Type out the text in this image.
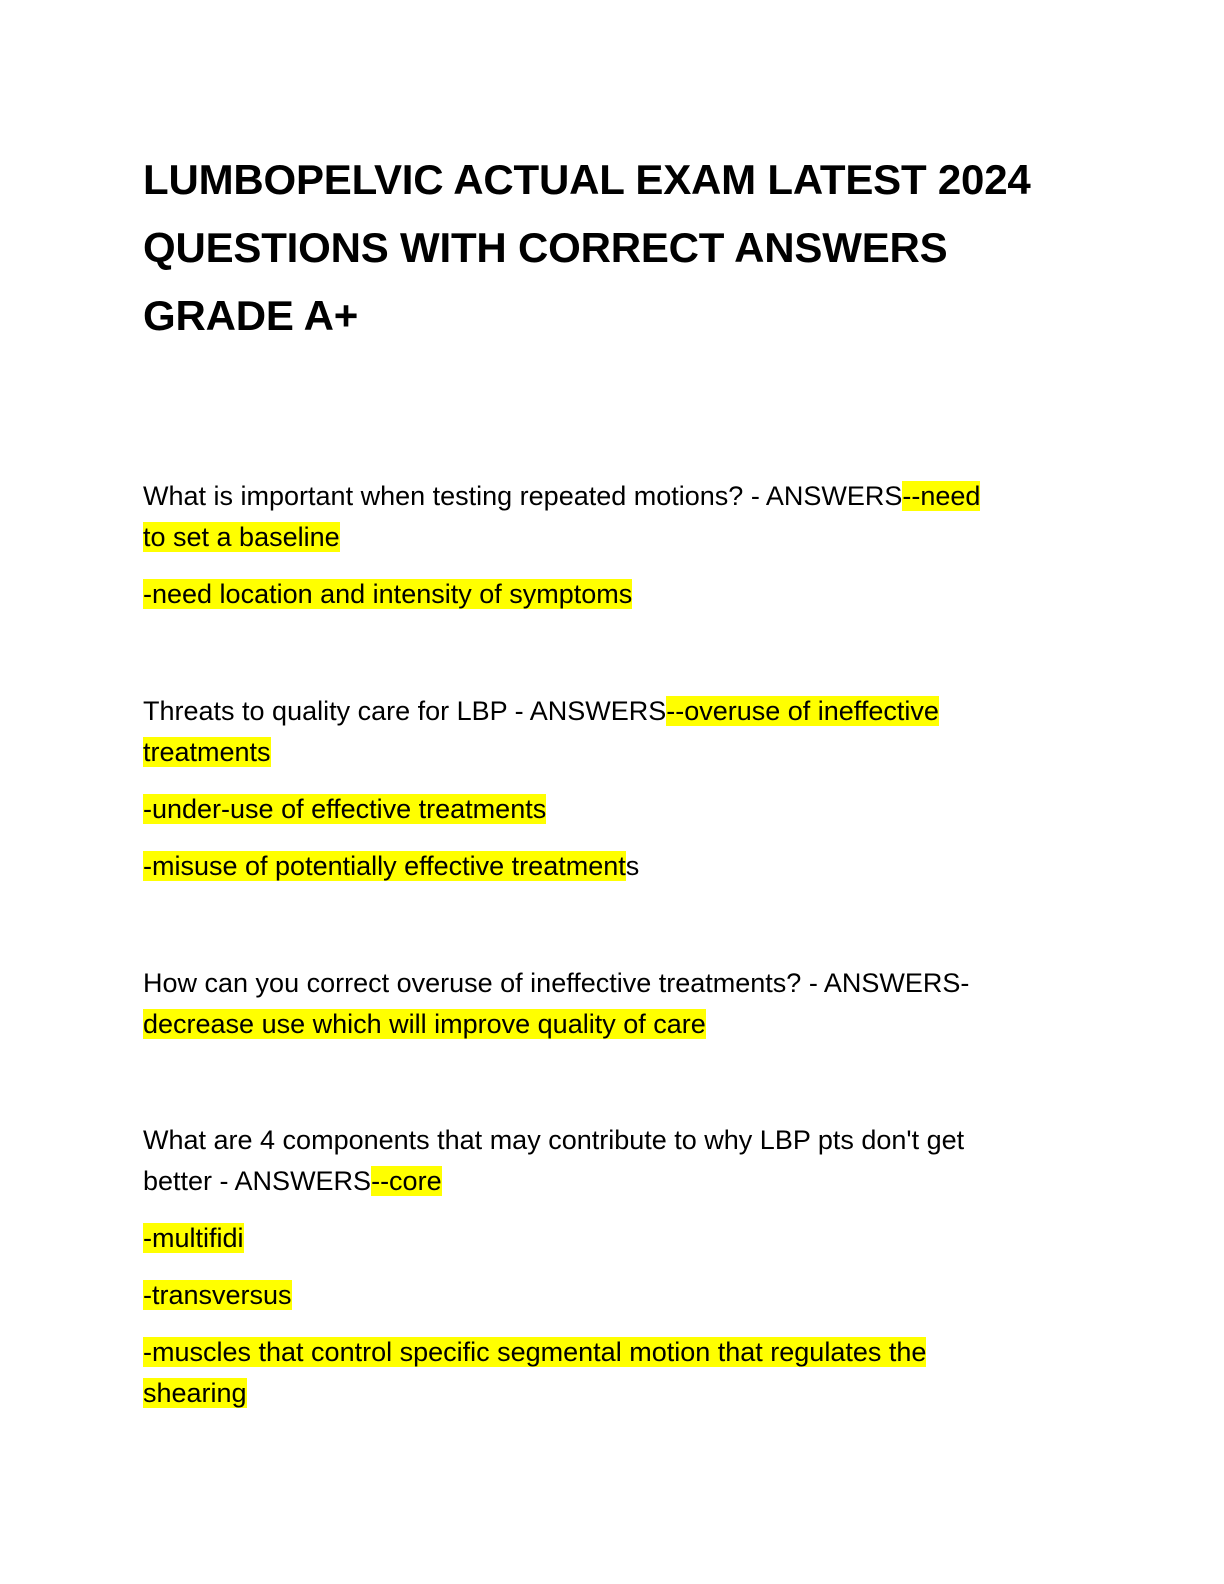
LUMBOPELVIC ACTUAL EXAM LATEST 2024
QUESTIONS WITH CORRECT ANSWERS
GRADE A+
What is important when testing repeated motions? - ANSWERS--need
to set a baseline
-need location and intensity of symptoms
Threats to quality care for LBP - ANSWERS--overuse of ineffective
treatments
-under-use of effective treatments
-misuse of potentially effective treatments
How can you correct overuse of ineffective treatments? - ANSWERS-
decrease use which will improve quality of care
What are 4 components that may contribute to why LBP pts don't get
better - ANSWERS--core
-multifidi
-transversus
-muscles that control specific segmental motion that regulates the
shearing
